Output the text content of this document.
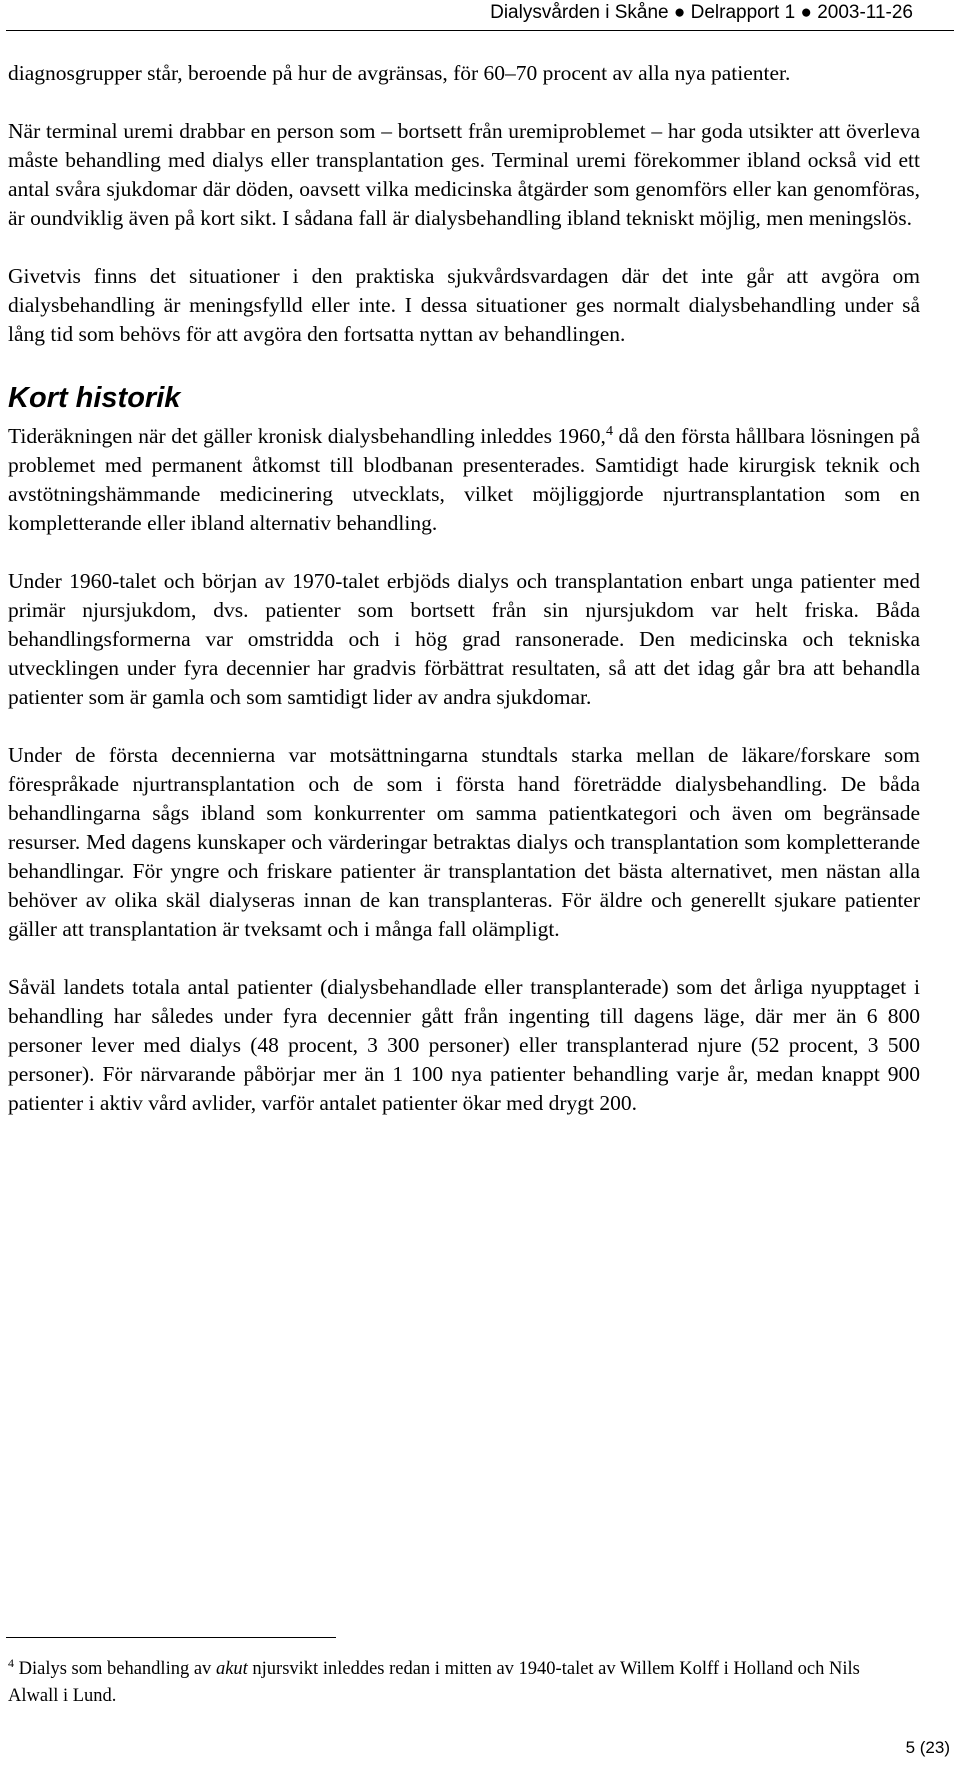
Dialysvården i Skåne ● Delrapport 1 ● 2003-11-26

diagnosgrupper står, beroende på hur de avgränsas, för 60–70 procent av alla nya patienter.

När terminal uremi drabbar en person som – bortsett från uremiproblemet – har goda utsikter att överleva måste behandling med dialys eller transplantation ges. Terminal uremi förekommer ibland också vid ett antal svåra sjukdomar där döden, oavsett vilka medicinska åtgärder som genomförs eller kan genomföras, är oundviklig även på kort sikt. I sådana fall är dialysbehandling ibland tekniskt möjlig, men meningslös.

Givetvis finns det situationer i den praktiska sjukvårdsvardagen där det inte går att avgöra om dialysbehandling är meningsfylld eller inte. I dessa situationer ges normalt dialysbehandling under så lång tid som behövs för att avgöra den fortsatta nyttan av behandlingen.

Kort historik

Tideräkningen när det gäller kronisk dialysbehandling inleddes 1960,$^4$ då den första hållbara lösningen på problemet med permanent åtkomst till blodbanan presenterades. Samtidigt hade kirurgisk teknik och avstötningshämmande medicinering utvecklats, vilket möjliggjorde njurtransplantation som en kompletterande eller ibland alternativ behandling.

Under 1960-talet och början av 1970-talet erbjöds dialys och transplantation enbart unga patienter med primär njursjukdom, dvs. patienter som bortsett från sin njursjukdom var helt friska. Båda behandlingsformerna var omstridda och i hög grad ransonerade. Den medicinska och tekniska utvecklingen under fyra decennier har gradvis förbättrat resultaten, så att det idag går bra att behandla patienter som är gamla och som samtidigt lider av andra sjukdomar.

Under de första decennierna var motsättningarna stundtals starka mellan de läkare/forskare som förespråkade njurtransplantation och de som i första hand företrädde dialysbehandling. De båda behandlingarna sågs ibland som konkurrenter om samma patientkategori och även om begränsade resurser. Med dagens kunskaper och värderingar betraktas dialys och transplantation som kompletterande behandlingar. För yngre och friskare patienter är transplantation det bästa alternativet, men nästan alla behöver av olika skäl dialyseras innan de kan transplanteras. För äldre och generellt sjukare patienter gäller att transplantation är tveksamt och i många fall olämpligt.

Såväl landets totala antal patienter (dialysbehandlade eller transplanterade) som det årliga nyupptaget i behandling har således under fyra decennier gått från ingenting till dagens läge, där mer än 6 800 personer lever med dialys (48 procent, 3 300 personer) eller transplanterad njure (52 procent, 3 500 personer). För närvarande påbörjar mer än 1 100 nya patienter behandling varje år, medan knappt 900 patienter i aktiv vård avlider, varför antalet patienter ökar med drygt 200.

$^4$ Dialys som behandling av akut njursvikt inleddes redan i mitten av 1940-talet av Willem Kolff i Holland och Nils Alwall i Lund.
5 (23)
